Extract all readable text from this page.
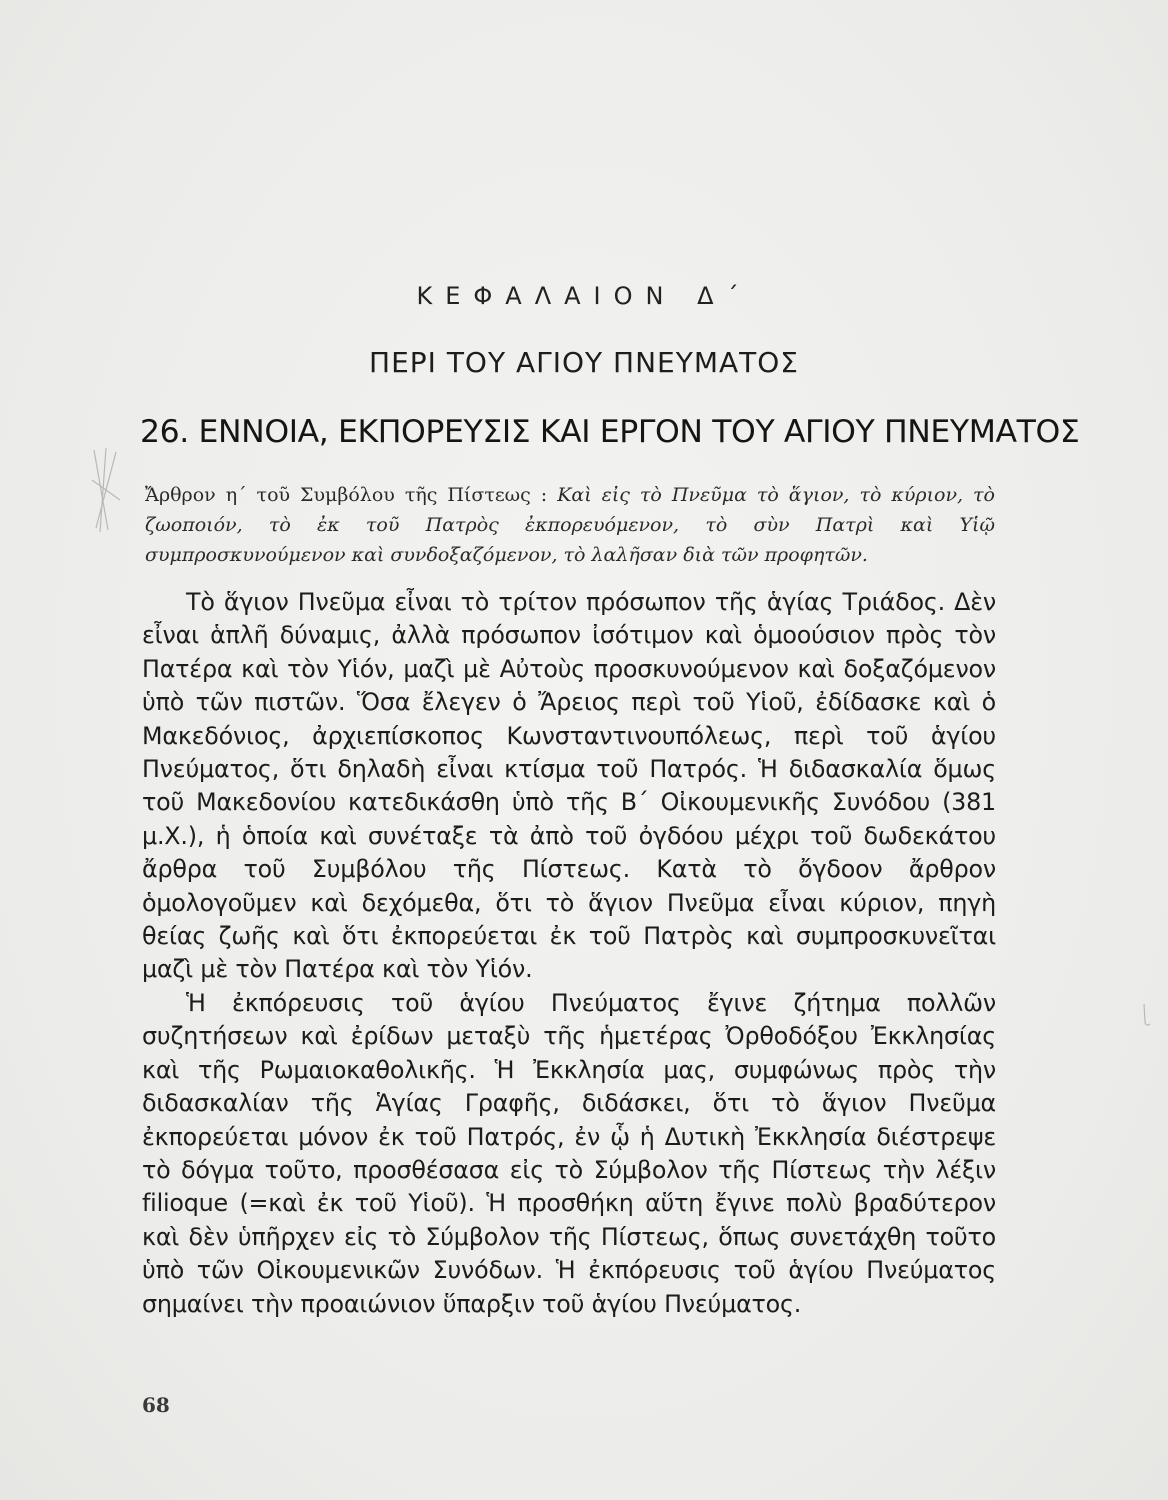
ΚΕΦΑΛΑΙΟΝ Δ΄
ΠΕΡΙ ΤΟΥ ΑΓΙΟΥ ΠΝΕΥΜΑΤΟΣ
26. ΕΝΝΟΙΑ, ΕΚΠΟΡΕΥΣΙΣ ΚΑΙ ΕΡΓΟΝ ΤΟΥ ΑΓΙΟΥ ΠΝΕΥΜΑΤΟΣ
Ἄρθρον η΄ τοῦ Συμβόλου τῆς Πίστεως : Καὶ εἰς τὸ Πνεῦμα τὸ ἅγιον, τὸ κύριον, τὸ ζωοποιόν, τὸ ἐκ τοῦ Πατρὸς ἐκπορευόμενον, τὸ σὺν Πατρὶ καὶ Υἱῷ συμπροσκυνούμενον καὶ συνδοξαζόμενον, τὸ λαλῆσαν διὰ τῶν προφητῶν.

Τὸ ἅγιον Πνεῦμα εἶναι τὸ τρίτον πρόσωπον τῆς ἁγίας Τριάδος. Δὲν εἶναι ἁπλῆ δύναμις, ἀλλὰ πρόσωπον ἰσότιμον καὶ ὁμοούσιον πρὸς τὸν Πατέρα καὶ τὸν Υἱόν, μαζὶ μὲ Αὐτοὺς προσκυνούμενον καὶ δοξαζόμενον ὑπὸ τῶν πιστῶν. Ὅσα ἔλεγεν ὁ Ἄρειος περὶ τοῦ Υἱοῦ, ἐδίδασκε καὶ ὁ Μακεδόνιος, ἀρχιεπίσκοπος Κωνσταντινουπόλεως, περὶ τοῦ ἁγίου Πνεύματος, ὅτι δηλαδὴ εἶναι κτίσμα τοῦ Πατρός. Ἡ διδασκαλία ὅμως τοῦ Μακεδονίου κατεδικάσθη ὑπὸ τῆς Β΄ Οἰκουμενικῆς Συνόδου (381 μ.Χ.), ἡ ὁποία καὶ συνέταξε τὰ ἀπὸ τοῦ ὀγδόου μέχρι τοῦ δωδεκάτου ἄρθρα τοῦ Συμβόλου τῆς Πίστεως. Κατὰ τὸ ὄγδοον ἄρθρον ὁμολογοῦμεν καὶ δεχόμεθα, ὅτι τὸ ἅγιον Πνεῦμα εἶναι κύριον, πηγὴ θείας ζωῆς καὶ ὅτι ἐκπορεύεται ἐκ τοῦ Πατρὸς καὶ συμπροσκυνεῖται μαζὶ μὲ τὸν Πατέρα καὶ τὸν Υἱόν.

Ἡ ἐκπόρευσις τοῦ ἁγίου Πνεύματος ἔγινε ζήτημα πολλῶν συζητήσεων καὶ ἐρίδων μεταξὺ τῆς ἡμετέρας Ὀρθοδόξου Ἐκκλησίας καὶ τῆς Ρωμαιοκαθολικῆς. Ἡ Ἐκκλησία μας, συμφώνως πρὸς τὴν διδασκαλίαν τῆς Ἁγίας Γραφῆς, διδάσκει, ὅτι τὸ ἅγιον Πνεῦμα ἐκπορεύεται μόνον ἐκ τοῦ Πατρός, ἐν ᾧ ἡ Δυτικὴ Ἐκκλησία διέστρεψε τὸ δόγμα τοῦτο, προσθέσασα εἰς τὸ Σύμβολον τῆς Πίστεως τὴν λέξιν filioque (=καὶ ἐκ τοῦ Υἱοῦ). Ἡ προσθήκη αὕτη ἔγινε πολὺ βραδύτερον καὶ δὲν ὑπῆρχεν εἰς τὸ Σύμβολον τῆς Πίστεως, ὅπως συνετάχθη τοῦτο ὑπὸ τῶν Οἰκουμενικῶν Συνόδων. Ἡ ἐκπόρευσις τοῦ ἁγίου Πνεύματος σημαίνει τὴν προαιώνιον ὕπαρξιν τοῦ ἁγίου Πνεύματος.

68
